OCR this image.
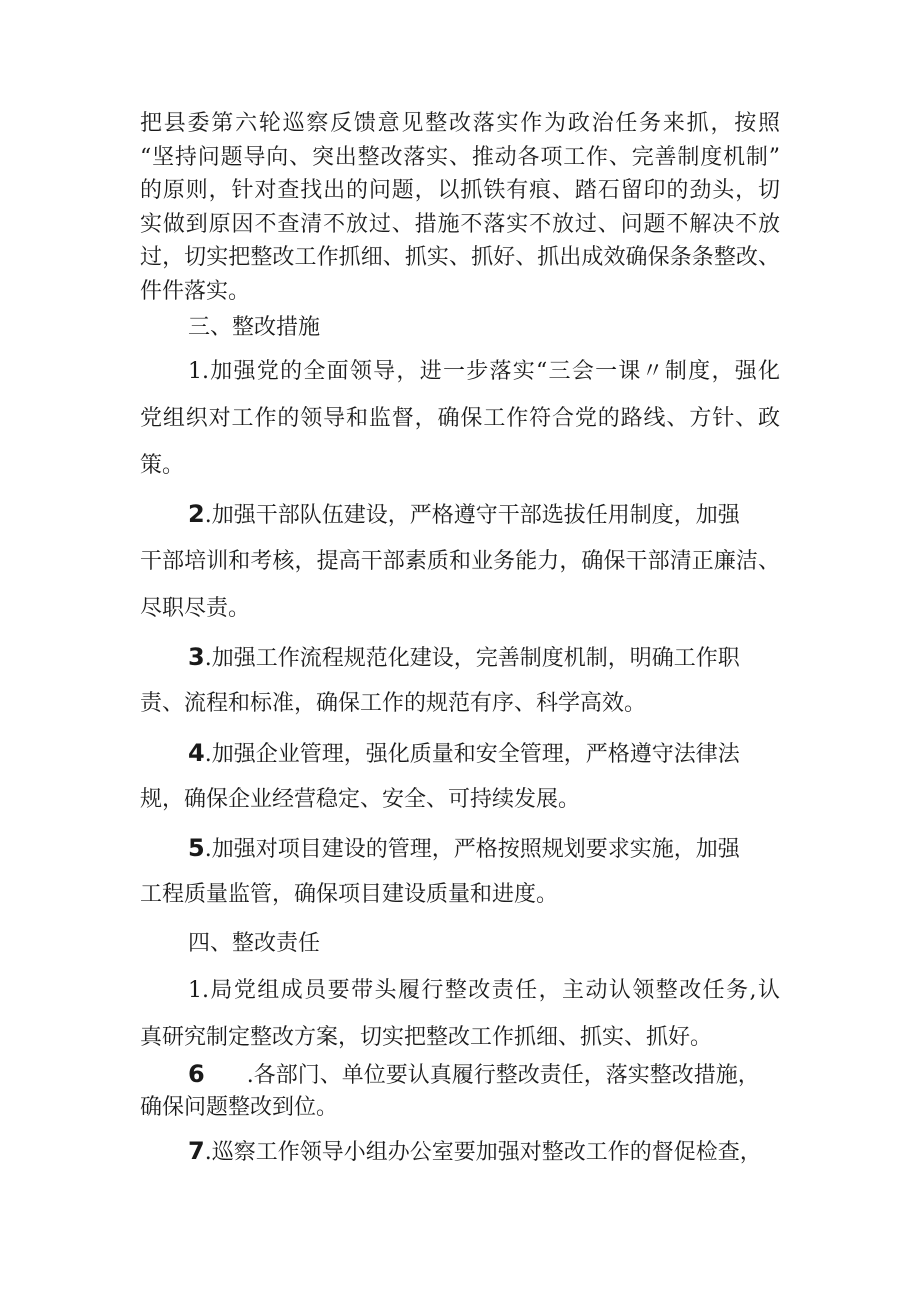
把县委第六轮巡察反馈意见整改落实作为政治任务来抓，按照
“坚持问题导向、突出整改落实、推动各项工作、完善制度机制”
的原则，针对查找出的问题，以抓铁有痕、踏石留印的劲头，切
实做到原因不查清不放过、措施不落实不放过、问题不解决不放
过，切实把整改工作抓细、抓实、抓好、抓出成效确保条条整改、
件件落实。
三、整改措施
1.加强党的全面领导，进一步落实“三会一课〃制度，强化
党组织对工作的领导和监督，确保工作符合党的路线、方针、政
策。
2.加强干部队伍建设，严格遵守干部选拔任用制度，加强
干部培训和考核，提高干部素质和业务能力，确保干部清正廉洁、
尽职尽责。
3.加强工作流程规范化建设，完善制度机制，明确工作职
责、流程和标准，确保工作的规范有序、科学高效。
4.加强企业管理，强化质量和安全管理，严格遵守法律法
规，确保企业经营稳定、安全、可持续发展。
5.加强对项目建设的管理，严格按照规划要求实施，加强
工程质量监管，确保项目建设质量和进度。
四、整改责任
1.局党组成员要带头履行整改责任，主动认领整改任务,认
真研究制定整改方案，切实把整改工作抓细、抓实、抓好。
6 .各部门、单位要认真履行整改责任，落实整改措施，
确保问题整改到位。
7.巡察工作领导小组办公室要加强对整改工作的督促检查，
